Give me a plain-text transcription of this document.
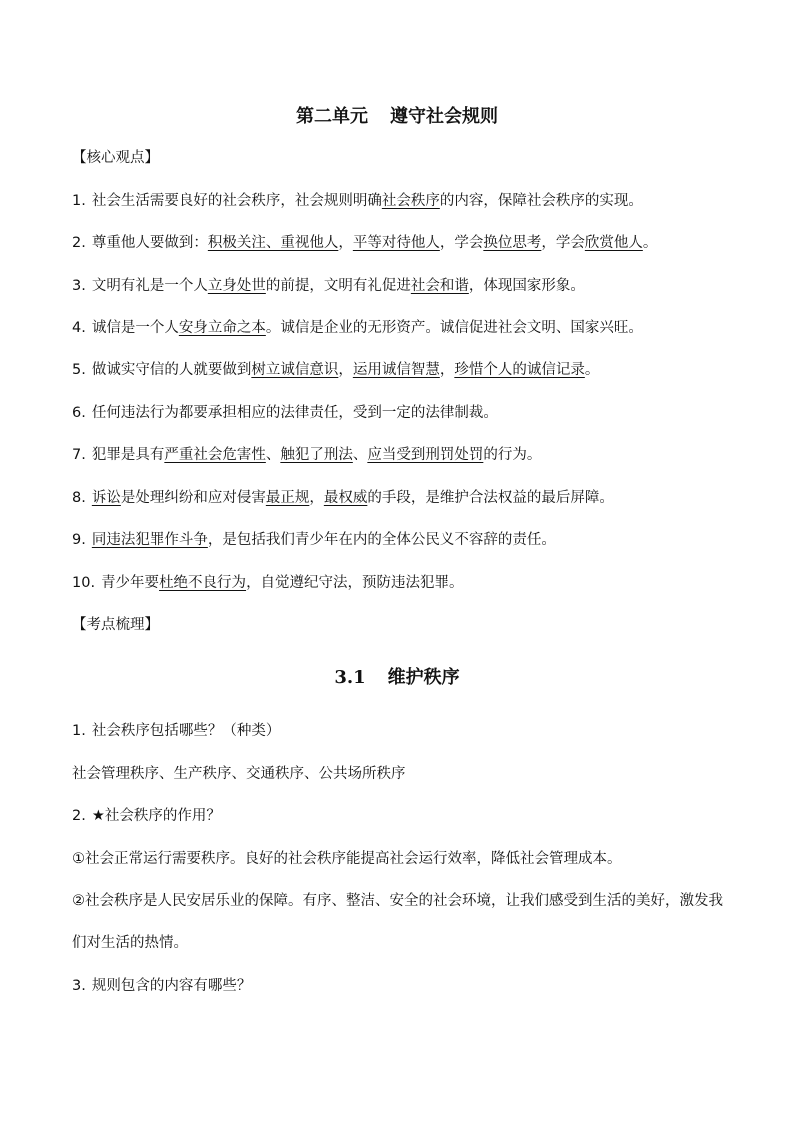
第二单元 遵守社会规则
【核心观点】
1. 社会生活需要良好的社会秩序，社会规则明确社会秩序的内容，保障社会秩序的实现。
2. 尊重他人要做到：积极关注、重视他人，平等对待他人，学会换位思考，学会欣赏他人。
3. 文明有礼是一个人立身处世的前提，文明有礼促进社会和谐，体现国家形象。
4. 诚信是一个人安身立命之本。诚信是企业的无形资产。诚信促进社会文明、国家兴旺。
5. 做诚实守信的人就要做到树立诚信意识，运用诚信智慧，珍惜个人的诚信记录。
6. 任何违法行为都要承担相应的法律责任，受到一定的法律制裁。
7. 犯罪是具有严重社会危害性、触犯了刑法、应当受到刑罚处罚的行为。
8. 诉讼是处理纠纷和应对侵害最正规，最权威的手段，是维护合法权益的最后屏障。
9. 同违法犯罪作斗争，是包括我们青少年在内的全体公民义不容辞的责任。
10. 青少年要杜绝不良行为，自觉遵纪守法，预防违法犯罪。
【考点梳理】
3.1 维护秩序
1. 社会秩序包括哪些？（种类）
社会管理秩序、生产秩序、交通秩序、公共场所秩序
2. ★社会秩序的作用？
①社会正常运行需要秩序。良好的社会秩序能提高社会运行效率，降低社会管理成本。
②社会秩序是人民安居乐业的保障。有序、整洁、安全的社会环境，让我们感受到生活的美好，激发我们对生活的热情。
3. 规则包含的内容有哪些？
